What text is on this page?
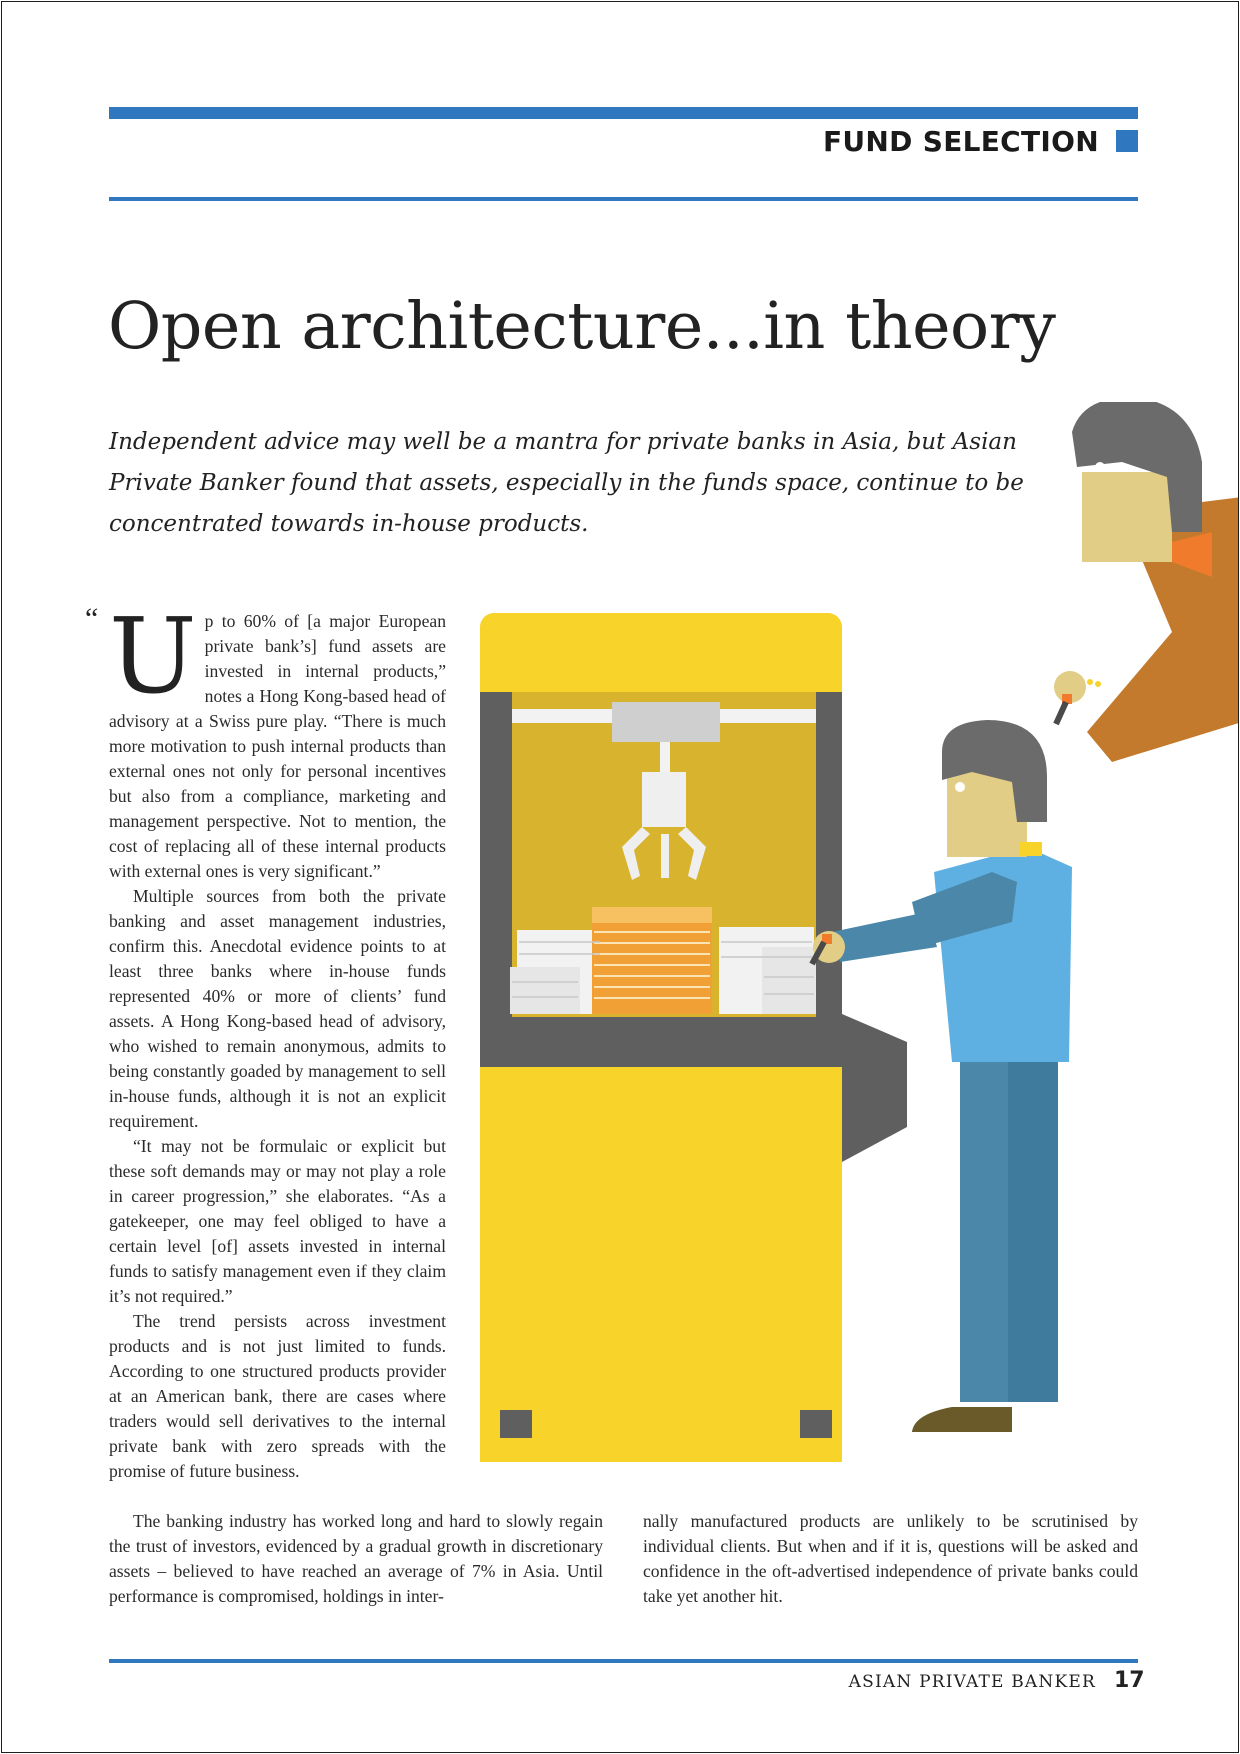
FUND SELECTION
Open architecture...in theory

Independent advice may well be a mantra for private banks in Asia, but Asian Private Banker found that assets, especially in the funds space, continue to be concentrated towards in-house products.

“ Up to 60% of [a major European private bank’s] fund assets are invested in internal products,” notes a Hong Kong-based head of advisory at a Swiss pure play. “There is much more motivation to push internal products than external ones not only for personal incentives but also from a compliance, marketing and management perspective. Not to mention, the cost of replacing all of these internal products with external ones is very significant.”

Multiple sources from both the private banking and asset management industries, confirm this. Anecdotal evidence points to at least three banks where in-house funds represented 40% or more of clients’ fund assets. A Hong Kong-based head of advisory, who wished to remain anonymous, admits to being constantly goaded by management to sell in-house funds, although it is not an explicit requirement.

“It may not be formulaic or explicit but these soft demands may or may not play a role in career progression,” she elaborates. “As a gatekeeper, one may feel obliged to have a certain level [of] assets invested in internal funds to satisfy management even if they claim it’s not required.”

The trend persists across investment products and is not just limited to funds. According to one structured products provider at an American bank, there are cases where traders would sell derivatives to the internal private bank with zero spreads with the promise of future business.

The banking industry has worked long and hard to slowly regain the trust of investors, evidenced by a gradual growth in discretionary assets – believed to have reached an average of 7% in Asia. Until performance is compromised, holdings in inter-

nally manufactured products are unlikely to be scrutinised by individual clients. But when and if it is, questions will be asked and confidence in the oft-advertised independence of private banks could take yet another hit.

ASIAN PRIVATE BANKER 17
